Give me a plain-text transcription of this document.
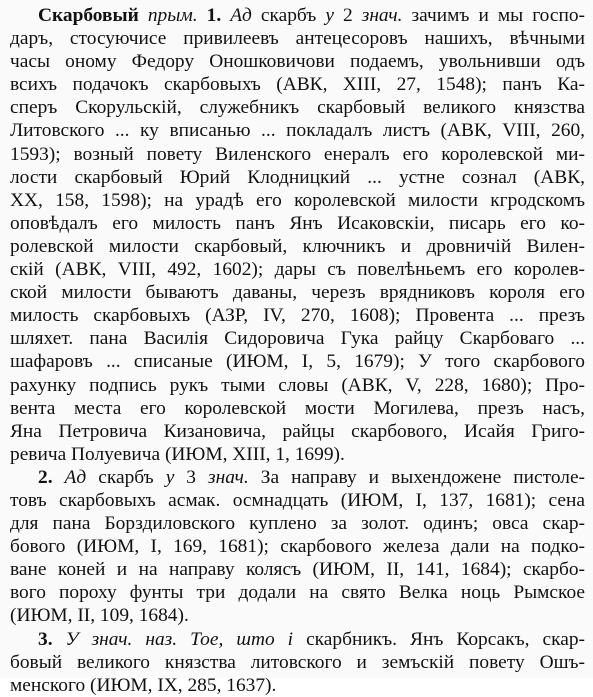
Скарбовый прым. 1. Ад скарбъ у 2 знач. зачимъ и мы госпо-
даръ, стосуючисе привилеевъ антецесоровъ нашихъ, вѣчными
часы оному Федору Оношковичови подаемъ, увольнивши одъ
всихъ подачокъ скарбовыхъ (АВК, XIII, 27, 1548); панъ Ка-
сперъ Скорульскій, служебникъ скарбовый великого князства
Литовского ... ку вписанью ... покладалъ листъ (АВК, VIII, 260,
1593); возный повету Виленского енералъ его королевской ми-
лости скарбовый Юрий Клодницкий ... устне сознал (АВК,
XX, 158, 1598); на урадѣ его королевской милости кгродскомъ
оповѣдалъ его милость панъ Янъ Исаковскіи, писарь его ко-
ролевской милости скарбовый, ключникъ и дровничій Вилен-
скій (АВК, VIII, 492, 1602); дары съ повелѣньемъ его королев-
ской милости бываютъ даваны, черезъ врядниковъ короля его
милость скарбовыхъ (АЗР, IV, 270, 1608); Провента ... презъ
шляхет. пана Василія Сидоровича Гука райцу Скарбоваго ...
шафаровъ ... списаные (ИЮМ, I, 5, 1679); У того скарбового
рахунку подпись рукъ тыми словы (АВК, V, 228, 1680); Про-
вента места его королевской мости Могилева, презъ насъ,
Яна Петровича Кизановича, райцы скарбового, Исайя Григо-
ревича Полуевича (ИЮМ, XIII, 1, 1699).
2. Ад скарбъ у 3 знач. За направу и выхендожене пистоле-
товъ скарбовыхъ асмак. осмнадцать (ИЮМ, I, 137, 1681); сена
для пана Борздиловского куплено за золот. одинъ; овса скар-
бового (ИЮМ, I, 169, 1681); скарбового железа дали на подко-
ване коней и на направу колясъ (ИЮМ, II, 141, 1684); скарбо-
вого пороху фунты три додали на свято Велка ноць Рымское
(ИЮМ, II, 109, 1684).
3. У знач. наз. Тое, што і скарбникъ. Янъ Корсакъ, скар-
бовый великого князства литовского и земъскій повету Ошъ-
менского (ИЮМ, IX, 285, 1637).
